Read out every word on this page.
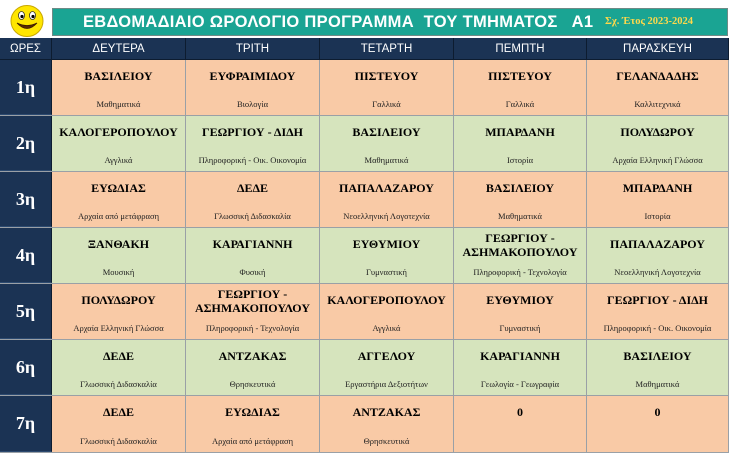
ΕΒΔΟΜΑΔΙΑΙΟ ΩΡΟΛΟΓΙΟ ΠΡΟΓΡΑΜΜΑ  ΤΟΥ ΤΜΗΜΑΤΟΣ   Α1 Σχ. Έτος 2023-2024
ΩΡΕΣ	ΔΕΥΤΕΡΑ	ΤΡΙΤΗ	ΤΕΤΑΡΤΗ	ΠΕΜΠΤΗ	ΠΑΡΑΣΚΕΥΗ
1η
ΒΑΣΙΛΕΙΟΥ
Μαθηματικά
ΕΥΦΡΑΙΜΙΔΟΥ
Βιολογία
ΠΙΣΤΕΥΟΥ
Γαλλικά
ΠΙΣΤΕΥΟΥ
Γαλλικά
ΓΕΛΑΝΔΑΔΗΣ
Καλλιτεχνικά
2η
ΚΑΛΟΓΕΡΟΠΟΥΛΟΥ
Αγγλικά
ΓΕΩΡΓΙΟΥ - ΔΙΔΗ
Πληροφορική - Οικ. Οικονομία
ΒΑΣΙΛΕΙΟΥ
Μαθηματικά
ΜΠΑΡΔΑΝΗ
Ιστορία
ΠΟΛΥΔΩΡΟΥ
Αρχαία Ελληνική Γλώσσα
3η
ΕΥΩΔΙΑΣ
Αρχαία από μετάφραση
ΔΕΔΕ
Γλωσσική Διδασκαλία
ΠΑΠΑΛΑΖΑΡΟΥ
Νεοελληνική Λογοτεχνία
ΒΑΣΙΛΕΙΟΥ
Μαθηματικά
ΜΠΑΡΔΑΝΗ
Ιστορία
4η
ΞΑΝΘΑΚΗ
Μουσική
ΚΑΡΑΓΙΑΝΝΗ
Φυσική
ΕΥΘΥΜΙΟΥ
Γυμναστική
ΓΕΩΡΓΙΟΥ - ΑΣΗΜΑΚΟΠΟΥΛΟΥ
Πληροφορική - Τεχνολογία
ΠΑΠΑΛΑΖΑΡΟΥ
Νεοελληνική Λογοτεχνία
5η
ΠΟΛΥΔΩΡΟΥ
Αρχαία Ελληνική Γλώσσα
ΓΕΩΡΓΙΟΥ - ΑΣΗΜΑΚΟΠΟΥΛΟΥ
Πληροφορική - Τεχνολογία
ΚΑΛΟΓΕΡΟΠΟΥΛΟΥ
Αγγλικά
ΕΥΘΥΜΙΟΥ
Γυμναστική
ΓΕΩΡΓΙΟΥ - ΔΙΔΗ
Πληροφορική - Οικ. Οικονομία
6η
ΔΕΔΕ
Γλωσσική Διδασκαλία
ΑΝΤΖΑΚΑΣ
Θρησκευτικά
ΑΓΓΕΛΟΥ
Εργαστήρια Δεξιοτήτων
ΚΑΡΑΓΙΑΝΝΗ
Γεωλογία - Γεωγραφία
ΒΑΣΙΛΕΙΟΥ
Μαθηματικά
7η
ΔΕΔΕ
Γλωσσική Διδασκαλία
ΕΥΩΔΙΑΣ
Αρχαία από μετάφραση
ΑΝΤΖΑΚΑΣ
Θρησκευτικά
0	0
